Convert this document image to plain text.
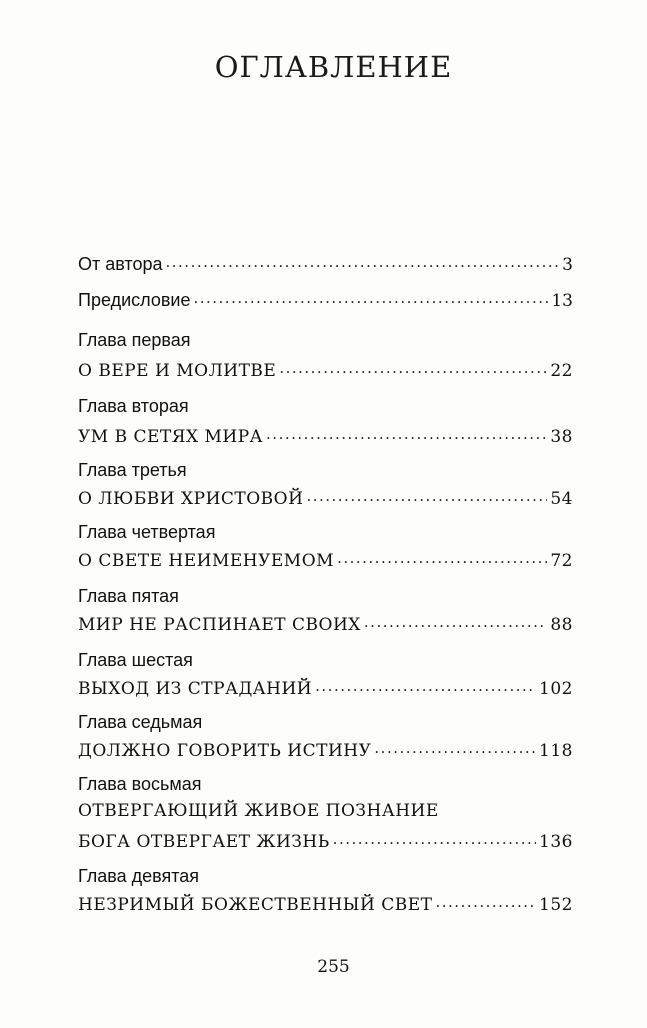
ОГЛАВЛЕНИЕ
От автора .....	3
Предисловие .....	13
Глава первая
О ВЕРЕ И МОЛИТВЕ .....	22
Глава вторая
УМ В СЕТЯХ МИРА .....	38
Глава третья
О ЛЮБВИ ХРИСТОВОЙ .....	54
Глава четвертая
О СВЕТЕ НЕИМЕНУЕМОМ .....	72
Глава пятая
МИР НЕ РАСПИНАЕТ СВОИХ .....	88
Глава шестая
ВЫХОД ИЗ СТРАДАНИЙ .....	102
Глава седьмая
ДОЛЖНО ГОВОРИТЬ ИСТИНУ .....	118
Глава восьмая
ОТВЕРГАЮЩИЙ ЖИВОЕ ПОЗНАНИЕ
БОГА ОТВЕРГАЕТ ЖИЗНЬ .....	136
Глава девятая
НЕЗРИМЫЙ БОЖЕСТВЕННЫЙ СВЕТ .....	152
255
